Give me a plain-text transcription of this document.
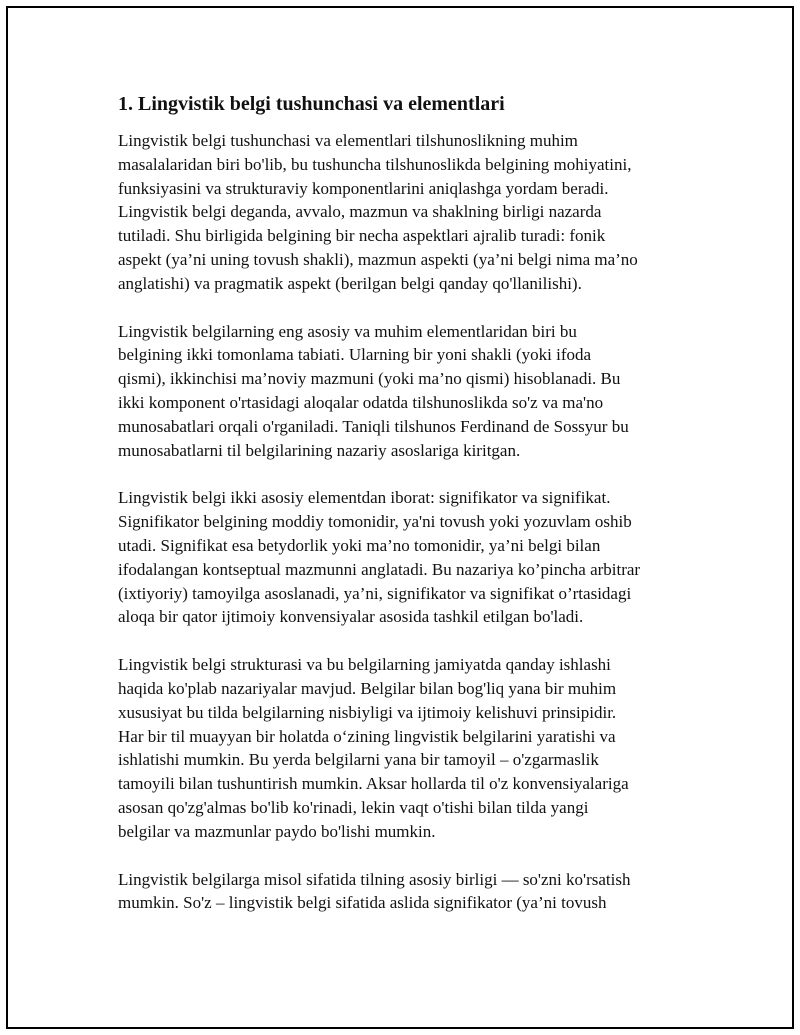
1. Lingvistik belgi tushunchasi va elementlari

Lingvistik belgi tushunchasi va elementlari tilshunoslikning muhim
masalalaridan biri bo'lib, bu tushuncha tilshunoslikda belgining mohiyatini,
funksiyasini va strukturaviy komponentlarini aniqlashga yordam beradi.
Lingvistik belgi deganda, avvalo, mazmun va shaklning birligi nazarda
tutiladi. Shu birligida belgining bir necha aspektlari ajralib turadi: fonik
aspekt (ya’ni uning tovush shakli), mazmun aspekti (ya’ni belgi nima ma’no
anglatishi) va pragmatik aspekt (berilgan belgi qanday qo'llanilishi).

Lingvistik belgilarning eng asosiy va muhim elementlaridan biri bu
belgining ikki tomonlama tabiati. Ularning bir yoni shakli (yoki ifoda
qismi), ikkinchisi ma’noviy mazmuni (yoki ma’no qismi) hisoblanadi. Bu
ikki komponent o'rtasidagi aloqalar odatda tilshunoslikda so'z va ma'no
munosabatlari orqali o'rganiladi. Taniqli tilshunos Ferdinand de Sossyur bu
munosabatlarni til belgilarining nazariy asoslariga kiritgan.

Lingvistik belgi ikki asosiy elementdan iborat: signifikator va signifikat.
Signifikator belgining moddiy tomonidir, ya'ni tovush yoki yozuvlam oshib
utadi. Signifikat esa betydorlik yoki ma’no tomonidir, ya’ni belgi bilan
ifodalangan kontseptual mazmunni anglatadi. Bu nazariya ko’pincha arbitrar
(ixtiyoriy) tamoyilga asoslanadi, ya’ni, signifikator va signifikat o’rtasidagi
aloqa bir qator ijtimoiy konvensiyalar asosida tashkil etilgan bo'ladi.

Lingvistik belgi strukturasi va bu belgilarning jamiyatda qanday ishlashi
haqida ko'plab nazariyalar mavjud. Belgilar bilan bog'liq yana bir muhim
xususiyat bu tilda belgilarning nisbiyligi va ijtimoiy kelishuvi prinsipidir.
Har bir til muayyan bir holatda o‘zining lingvistik belgilarini yaratishi va
ishlatishi mumkin. Bu yerda belgilarni yana bir tamoyil – o'zgarmaslik
tamoyili bilan tushuntirish mumkin. Aksar hollarda til o'z konvensiyalariga
asosan qo'zg'almas bo'lib ko'rinadi, lekin vaqt o'tishi bilan tilda yangi
belgilar va mazmunlar paydo bo'lishi mumkin.

Lingvistik belgilarga misol sifatida tilning asosiy birligi — so'zni ko'rsatish
mumkin. So'z – lingvistik belgi sifatida aslida signifikator (ya’ni tovush
